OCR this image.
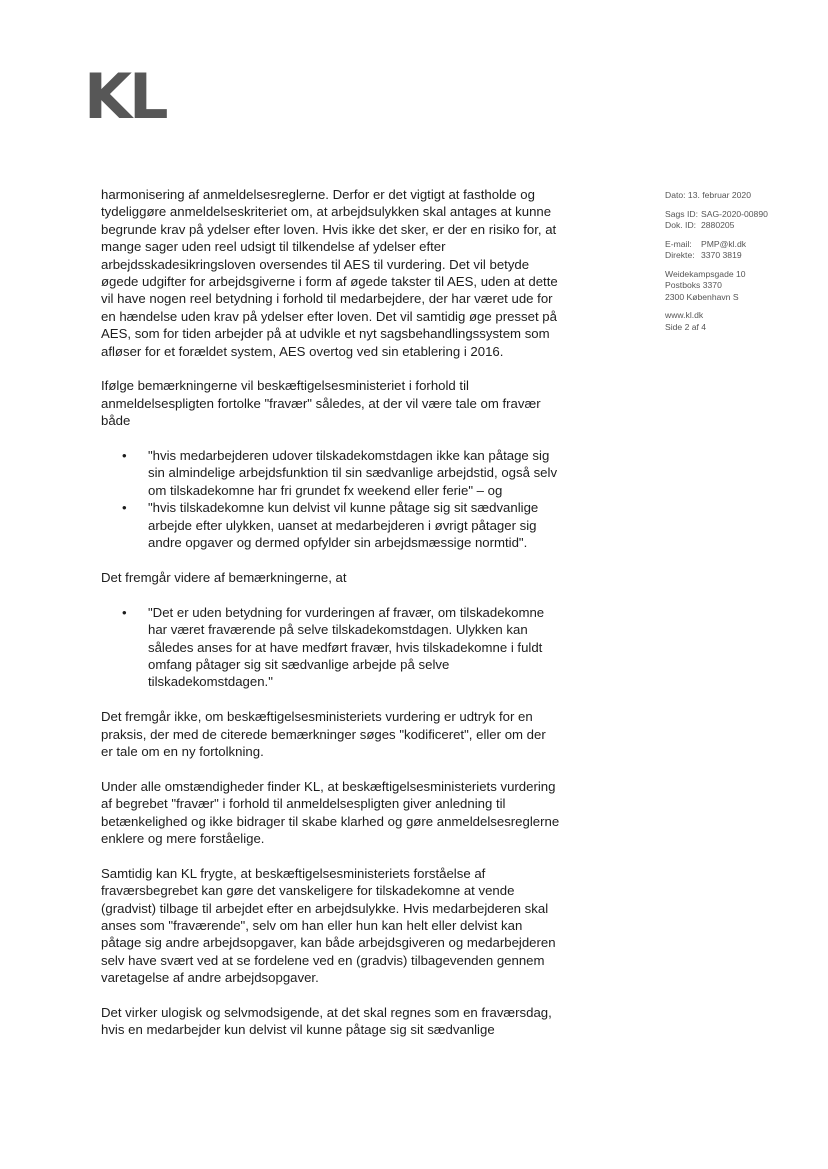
KL
Dato: 13. februar 2020
Sags ID: SAG-2020-00890
Dok. ID: 2880205
E-mail: PMP@kl.dk
Direkte: 3370 3819
Weidekampsgade 10
Postboks 3370
2300 København S
www.kl.dk
Side 2 af 4

harmonisering af anmeldelsesreglerne. Derfor er det vigtigt at fastholde og tydeliggøre anmeldelseskriteriet om, at arbejdsulykken skal antages at kunne begrunde krav på ydelser efter loven. Hvis ikke det sker, er der en risiko for, at mange sager uden reel udsigt til tilkendelse af ydelser efter arbejdsskadesikringsloven oversendes til AES til vurdering. Det vil betyde øgede udgifter for arbejdsgiverne i form af øgede takster til AES, uden at dette vil have nogen reel betydning i forhold til medarbejdere, der har været ude for en hændelse uden krav på ydelser efter loven. Det vil samtidig øge presset på AES, som for tiden arbejder på at udvikle et nyt sagsbehandlingssystem som afløser for et forældet system, AES overtog ved sin etablering i 2016.

Ifølge bemærkningerne vil beskæftigelsesministeriet i forhold til anmeldelsespligten fortolke "fravær" således, at der vil være tale om fravær både

• "hvis medarbejderen udover tilskadekomstdagen ikke kan påtage sig sin almindelige arbejdsfunktion til sin sædvanlige arbejdstid, også selv om tilskadekomne har fri grundet fx weekend eller ferie" – og
• "hvis tilskadekomne kun delvist vil kunne påtage sig sit sædvanlige arbejde efter ulykken, uanset at medarbejderen i øvrigt påtager sig andre opgaver og dermed opfylder sin arbejdsmæssige normtid".

Det fremgår videre af bemærkningerne, at

• "Det er uden betydning for vurderingen af fravær, om tilskadekomne har været fraværende på selve tilskadekomstdagen. Ulykken kan således anses for at have medført fravær, hvis tilskadekomne i fuldt omfang påtager sig sit sædvanlige arbejde på selve tilskadekomstdagen."

Det fremgår ikke, om beskæftigelsesministeriets vurdering er udtryk for en praksis, der med de citerede bemærkninger søges "kodificeret", eller om der er tale om en ny fortolkning.

Under alle omstændigheder finder KL, at beskæftigelsesministeriets vurdering af begrebet "fravær" i forhold til anmeldelsespligten giver anledning til betænkelighed og ikke bidrager til skabe klarhed og gøre anmeldelsesreglerne enklere og mere forståelige.

Samtidig kan KL frygte, at beskæftigelsesministeriets forståelse af fraværsbegrebet kan gøre det vanskeligere for tilskadekomne at vende (gradvist) tilbage til arbejdet efter en arbejdsulykke. Hvis medarbejderen skal anses som "fraværende", selv om han eller hun kan helt eller delvist kan påtage sig andre arbejdsopgaver, kan både arbejdsgiveren og medarbejderen selv have svært ved at se fordelene ved en (gradvis) tilbagevenden gennem varetagelse af andre arbejdsopgaver.

Det virker ulogisk og selvmodsigende, at det skal regnes som en fraværsdag, hvis en medarbejder kun delvist vil kunne påtage sig sit sædvanlige
